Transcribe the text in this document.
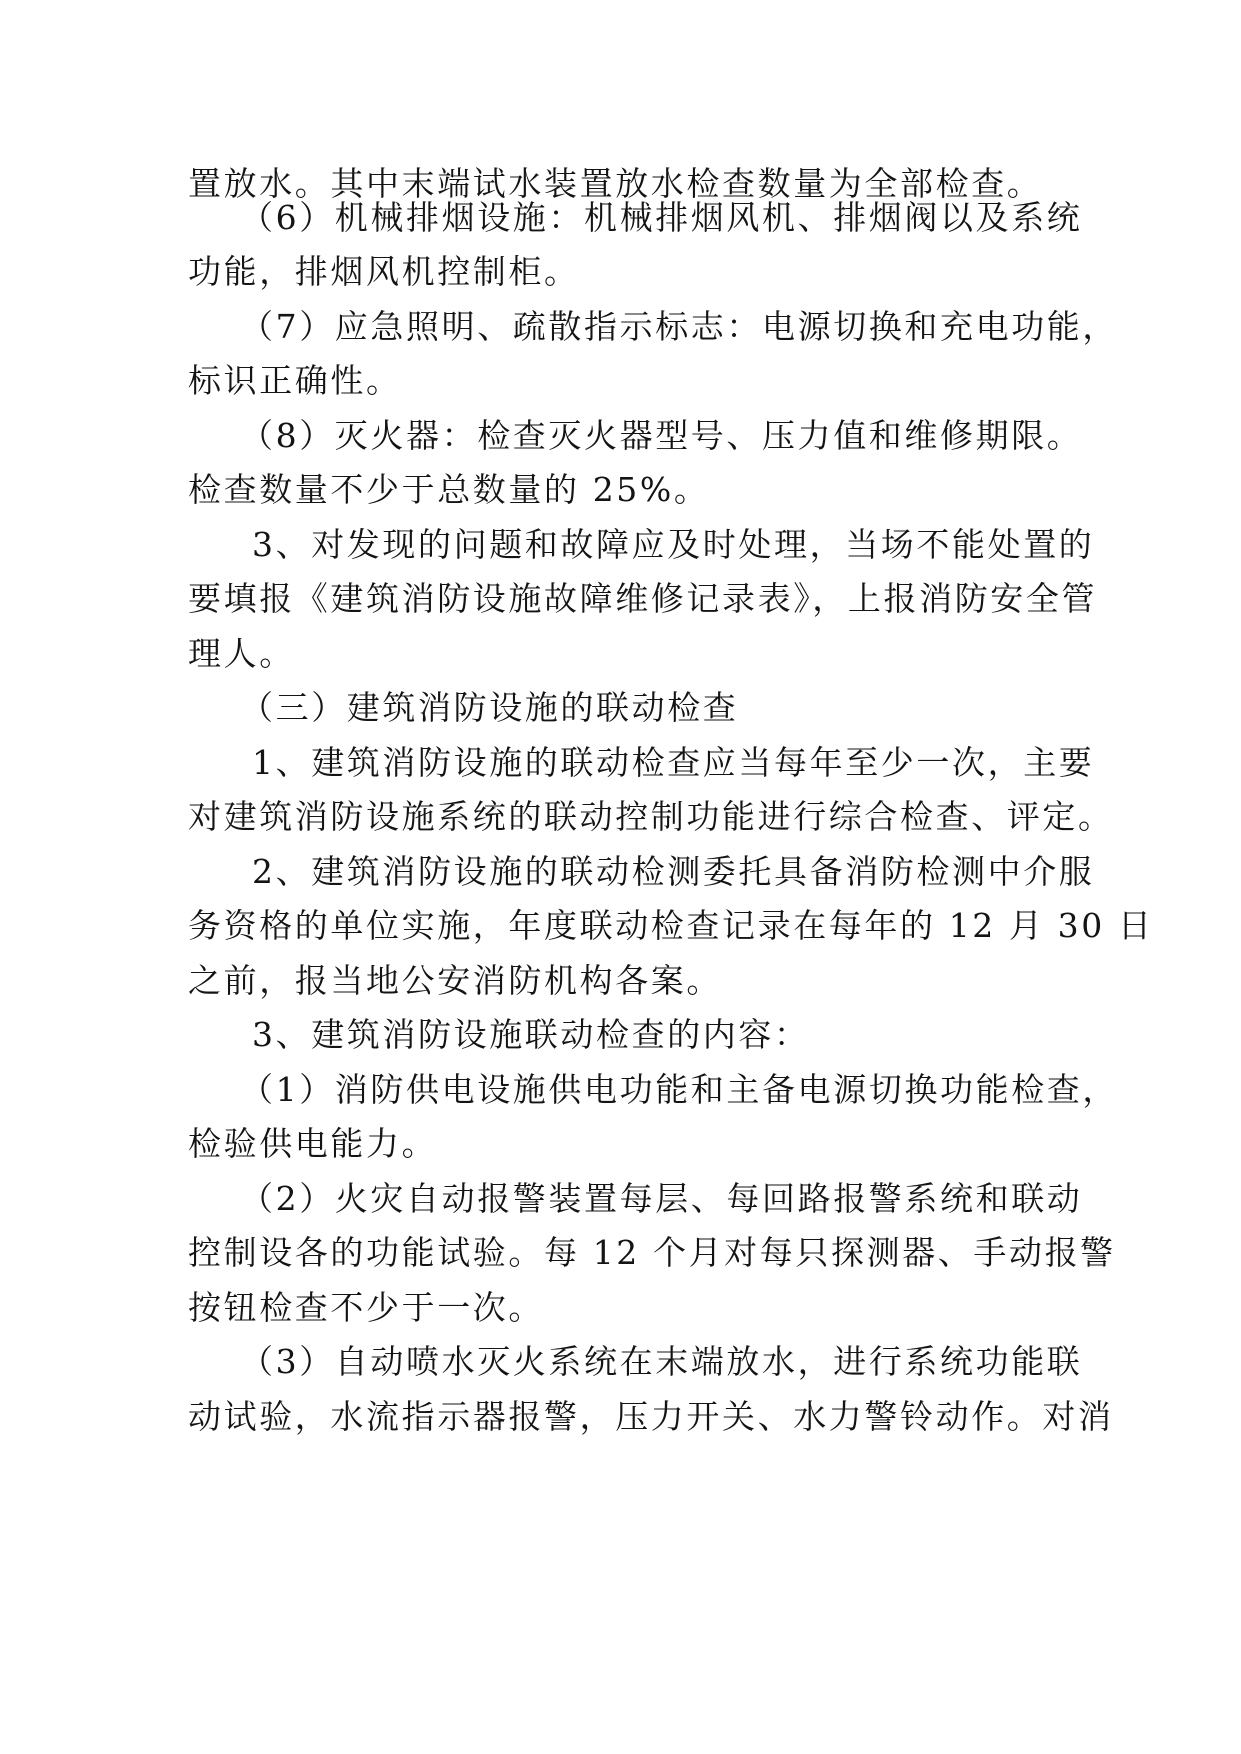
置放水。其中末端试水装置放水检查数量为全部检查。
（6）机械排烟设施：机械排烟风机、排烟阀以及系统
功能，排烟风机控制柜。
（7）应急照明、疏散指示标志：电源切换和充电功能，
标识正确性。
（8）灭火器：检查灭火器型号、压力值和维修期限。
检查数量不少于总数量的 25%。
3、对发现的问题和故障应及时处理，当场不能处置的
要填报《建筑消防设施故障维修记录表》，上报消防安全管
理人。
（三）建筑消防设施的联动检查
1、建筑消防设施的联动检查应当每年至少一次，主要
对建筑消防设施系统的联动控制功能进行综合检查、评定。
2、建筑消防设施的联动检测委托具备消防检测中介服
务资格的单位实施，年度联动检查记录在每年的 12 月 30 日
之前，报当地公安消防机构各案。
3、建筑消防设施联动检查的内容：
（1）消防供电设施供电功能和主备电源切换功能检查，
检验供电能力。
（2）火灾自动报警装置每层、每回路报警系统和联动
控制设各的功能试验。每 12 个月对每只探测器、手动报警
按钮检查不少于一次。
（3）自动喷水灭火系统在末端放水，进行系统功能联
动试验，水流指示器报警，压力开关、水力警铃动作。对消
